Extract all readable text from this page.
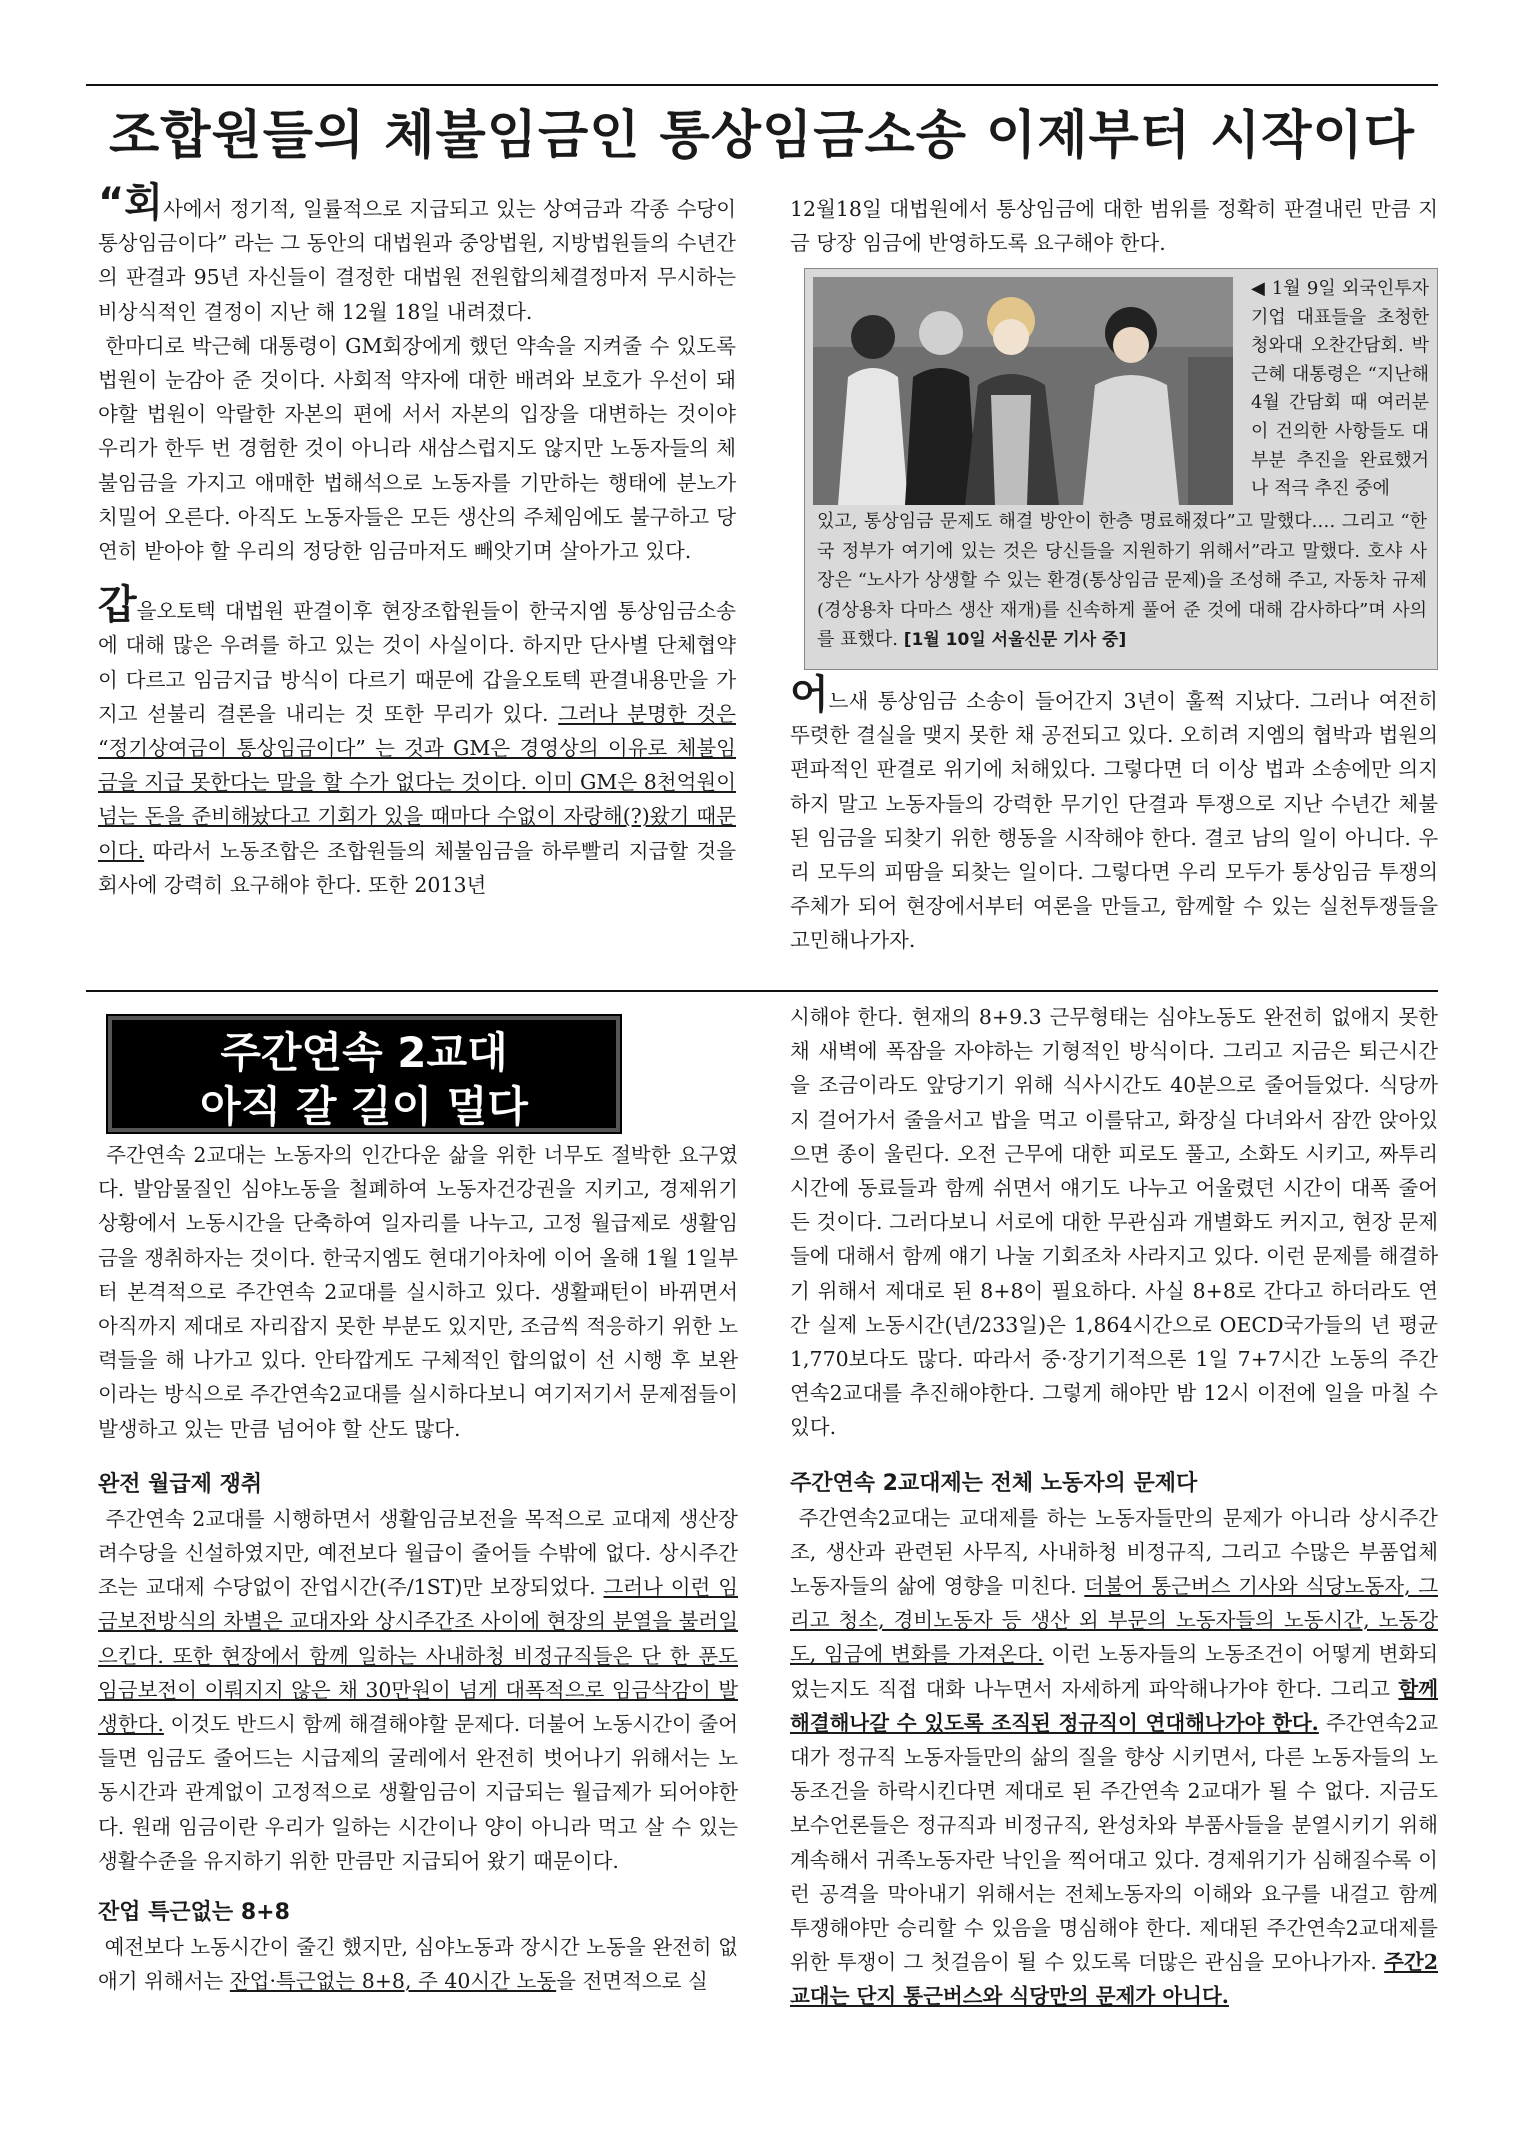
조합원들의 체불임금인 통상임금소송 이제부터 시작이다

“회사에서 정기적, 일률적으로 지급되고 있는 상여금과 각종 수당이 통상임금이다” 라는 그 동안의 대법원과 중앙법원, 지방법원들의 수년간의 판결과 95년 자신들이 결정한 대법원 전원합의체결정마저 무시하는 비상식적인 결정이 지난 해 12월 18일 내려졌다.

한마디로 박근혜 대통령이 GM회장에게 했던 약속을 지켜줄 수 있도록 법원이 눈감아 준 것이다. 사회적 약자에 대한 배려와 보호가 우선이 돼야할 법원이 악랄한 자본의 편에 서서 자본의 입장을 대변하는 것이야 우리가 한두 번 경험한 것이 아니라 새삼스럽지도 않지만 노동자들의 체불임금을 가지고 애매한 법해석으로 노동자를 기만하는 행태에 분노가 치밀어 오른다. 아직도 노동자들은 모든 생산의 주체임에도 불구하고 당연히 받아야 할 우리의 정당한 임금마저도 빼앗기며 살아가고 있다.

갑을오토텍 대법원 판결이후 현장조합원들이 한국지엠 통상임금소송에 대해 많은 우려를 하고 있는 것이 사실이다. 하지만 단사별 단체협약이 다르고 임금지급 방식이 다르기 때문에 갑을오토텍 판결내용만을 가지고 섣불리 결론을 내리는 것 또한 무리가 있다. 그러나 분명한 것은 “정기상여금이 통상임금이다” 는 것과 GM은 경영상의 이유로 체불임금을 지급 못한다는 말을 할 수가 없다는 것이다. 이미 GM은 8천억원이 넘는 돈을 준비해놨다고 기회가 있을 때마다 수없이 자랑해(?)왔기 때문이다. 따라서 노동조합은 조합원들의 체불임금을 하루빨리 지급할 것을 회사에 강력히 요구해야 한다. 또한 2013년

12월18일 대법원에서 통상임금에 대한 범위를 정확히 판결내린 만큼 지금 당장 임금에 반영하도록 요구해야 한다.

◀ 1월 9일 외국인투자기업 대표들을 초청한 청와대 오찬간담회. 박근혜 대통령은 “지난해 4월 간담회 때 여러분이 건의한 사항들도 대부분 추진을 완료했거나 적극 추진 중에
있고, 통상임금 문제도 해결 방안이 한층 명료해졌다”고 말했다.… 그리고 “한국 정부가 여기에 있는 것은 당신들을 지원하기 위해서”라고 말했다. 호샤 사장은 “노사가 상생할 수 있는 환경(통상임금 문제)을 조성해 주고, 자동차 규제(경상용차 다마스 생산 재개)를 신속하게 풀어 준 것에 대해 감사하다”며 사의를 표했다. [1월 10일 서울신문 기사 중]

어느새 통상임금 소송이 들어간지 3년이 훌쩍 지났다. 그러나 여전히 뚜렷한 결실을 맺지 못한 채 공전되고 있다. 오히려 지엠의 협박과 법원의 편파적인 판결로 위기에 처해있다. 그렇다면 더 이상 법과 소송에만 의지하지 말고 노동자들의 강력한 무기인 단결과 투쟁으로 지난 수년간 체불된 임금을 되찾기 위한 행동을 시작해야 한다. 결코 남의 일이 아니다. 우리 모두의 피땀을 되찾는 일이다. 그렇다면 우리 모두가 통상임금 투쟁의 주체가 되어 현장에서부터 여론을 만들고, 함께할 수 있는 실천투쟁들을 고민해나가자.

주간연속 2교대
아직 갈 길이 멀다

주간연속 2교대는 노동자의 인간다운 삶을 위한 너무도 절박한 요구였다. 발암물질인 심야노동을 철폐하여 노동자건강권을 지키고, 경제위기 상황에서 노동시간을 단축하여 일자리를 나누고, 고정 월급제로 생활임금을 쟁취하자는 것이다. 한국지엠도 현대기아차에 이어 올해 1월 1일부터 본격적으로 주간연속 2교대를 실시하고 있다. 생활패턴이 바뀌면서 아직까지 제대로 자리잡지 못한 부분도 있지만, 조금씩 적응하기 위한 노력들을 해 나가고 있다. 안타깝게도 구체적인 합의없이 선 시행 후 보완이라는 방식으로 주간연속2교대를 실시하다보니 여기저기서 문제점들이 발생하고 있는 만큼 넘어야 할 산도 많다.

완전 월급제 쟁취

주간연속 2교대를 시행하면서 생활임금보전을 목적으로 교대제 생산장려수당을 신설하였지만, 예전보다 월급이 줄어들 수밖에 없다. 상시주간조는 교대제 수당없이 잔업시간(주/1ST)만 보장되었다. 그러나 이런 임금보전방식의 차별은 교대자와 상시주간조 사이에 현장의 분열을 불러일으킨다. 또한 현장에서 함께 일하는 사내하청 비정규직들은 단 한 푼도 임금보전이 이뤄지지 않은 채 30만원이 넘게 대폭적으로 임금삭감이 발생한다. 이것도 반드시 함께 해결해야할 문제다. 더불어 노동시간이 줄어들면 임금도 줄어드는 시급제의 굴레에서 완전히 벗어나기 위해서는 노동시간과 관계없이 고정적으로 생활임금이 지급되는 월급제가 되어야한다. 원래 임금이란 우리가 일하는 시간이나 양이 아니라 먹고 살 수 있는 생활수준을 유지하기 위한 만큼만 지급되어 왔기 때문이다.

잔업 특근없는 8+8

예전보다 노동시간이 줄긴 했지만, 심야노동과 장시간 노동을 완전히 없애기 위해서는 잔업·특근없는 8+8, 주 40시간 노동을 전면적으로 실

시해야 한다. 현재의 8+9.3 근무형태는 심야노동도 완전히 없애지 못한 채 새벽에 폭잠을 자야하는 기형적인 방식이다. 그리고 지금은 퇴근시간을 조금이라도 앞당기기 위해 식사시간도 40분으로 줄어들었다. 식당까지 걸어가서 줄을서고 밥을 먹고 이를닦고, 화장실 다녀와서 잠깐 앉아있으면 종이 울린다. 오전 근무에 대한 피로도 풀고, 소화도 시키고, 짜투리 시간에 동료들과 함께 쉬면서 얘기도 나누고 어울렸던 시간이 대폭 줄어든 것이다. 그러다보니 서로에 대한 무관심과 개별화도 커지고, 현장 문제들에 대해서 함께 얘기 나눌 기회조차 사라지고 있다. 이런 문제를 해결하기 위해서 제대로 된 8+8이 필요하다. 사실 8+8로 간다고 하더라도 연간 실제 노동시간(년/233일)은 1,864시간으로 OECD국가들의 년 평균 1,770보다도 많다. 따라서 중·장기기적으론 1일 7+7시간 노동의 주간연속2교대를 추진해야한다. 그렇게 해야만 밤 12시 이전에 일을 마칠 수 있다.

주간연속 2교대제는 전체 노동자의 문제다

주간연속2교대는 교대제를 하는 노동자들만의 문제가 아니라 상시주간조, 생산과 관련된 사무직, 사내하청 비정규직, 그리고 수많은 부품업체 노동자들의 삶에 영향을 미친다. 더불어 통근버스 기사와 식당노동자, 그리고 청소, 경비노동자 등 생산 외 부문의 노동자들의 노동시간, 노동강도, 임금에 변화를 가져온다. 이런 노동자들의 노동조건이 어떻게 변화되었는지도 직접 대화 나누면서 자세하게 파악해나가야 한다. 그리고 함께 해결해나갈 수 있도록 조직된 정규직이 연대해나가야 한다. 주간연속2교대가 정규직 노동자들만의 삶의 질을 향상 시키면서, 다른 노동자들의 노동조건을 하락시킨다면 제대로 된 주간연속 2교대가 될 수 없다. 지금도 보수언론들은 정규직과 비정규직, 완성차와 부품사들을 분열시키기 위해 계속해서 귀족노동자란 낙인을 찍어대고 있다. 경제위기가 심해질수록 이런 공격을 막아내기 위해서는 전체노동자의 이해와 요구를 내걸고 함께 투쟁해야만 승리할 수 있음을 명심해야 한다. 제대된 주간연속2교대제를 위한 투쟁이 그 첫걸음이 될 수 있도록 더많은 관심을 모아나가자. 주간2교대는 단지 통근버스와 식당만의 문제가 아니다.
